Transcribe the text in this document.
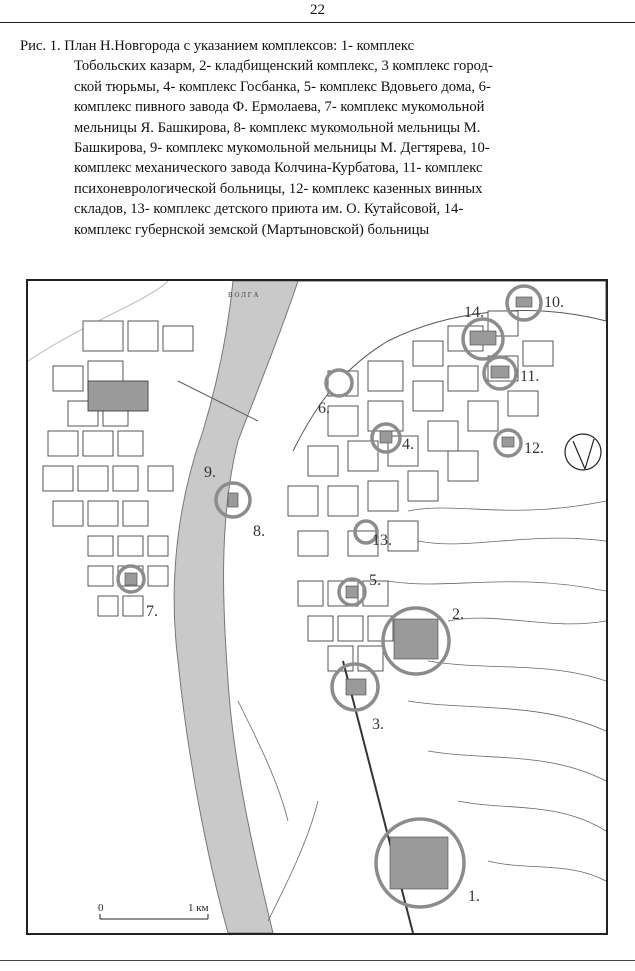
22
Рис. 1. План Н.Новгорода с указанием комплексов: 1- комплекс
Тобольских казарм, 2- кладбищенский комплекс, 3 комплекс город-
ской тюрьмы, 4- комплекс Госбанка, 5- комплекс Вдовьего дома, 6-
комплекс пивного завода Ф. Ермолаева, 7- комплекс мукомольной
мельницы Я. Башкирова, 8- комплекс мукомольной мельницы М.
Башкирова, 9- комплекс мукомольной мельницы М. Дегтярева, 10-
комплекс механического завода Колчина-Курбатова, 11- комплекс
психоневрологической больницы, 12- комплекс казенных винных
складов, 13- комплекс детского приюта им. О. Кутайсовой, 14-
комплекс губернской земской (Мартыновской) больницы
1.
2.
3.
4.
5.
6.
7.
8.
9.
10.
11.
12.
13.
14.
В О Л Г А
0	1 км
